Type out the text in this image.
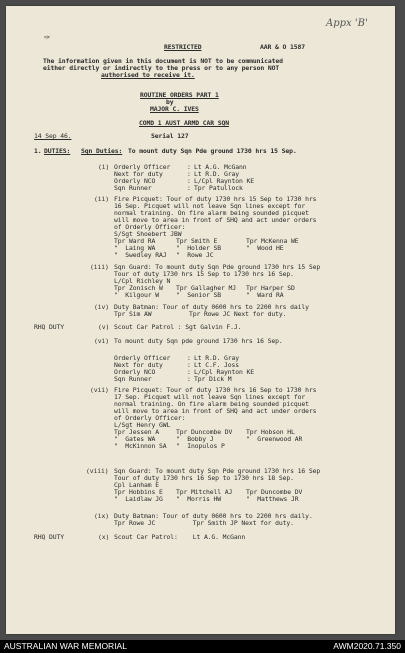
Appx 'B'
✑
RESTRICTED	AAR & O 1587
The information given in this document is NOT to be communicated
either directly or indirectly to the press or to any person NOT
authorised to receive it.
ROUTINE ORDERS PART 1
by
MAJOR C. IVES
COMD 1 AUST ARMD CAR SQN
14 Sep 46.	Serial 127
1. DUTIES: Sqn Duties: To mount duty Sqn Pde ground 1730 hrs 15 Sep.
(i) Orderly Officer	: Lt A.G. McGann
Next for duty	: Lt R.D. Gray
Orderly NCO	: L/Cpl Raynton KE
Sqn Runner	: Tpr Patullock
(ii) Fire Picquet: Tour of duty 1730 hrs 15 Sep to 1730 hrs
16 Sep. Picquet will not leave Sqn lines except for
normal training. On fire alarm being sounded picquet
will move to area in front of SHQ and act under orders
of Orderly Officer:
S/Sgt Shoebert JBW
Tpr Ward RA	Tpr Smith E	Tpr McKenna WE
"  Laing WA	"  Holder SB	"  Wood HE
"  Swedley RAJ "  Rowe JC
(iii) Sqn Guard: To mount duty Sqn Pde ground 1730 hrs 15 Sep
Tour of duty 1730 hrs 15 Sep to 1730 hrs 16 Sep.
L/Cpl Richley N
Tpr Zonisch W Tpr Gallagher MJ Tpr Harper SD
"  Kilgour W	"  Senior SB	"  Ward RA
(iv) Duty Batman: Tour of duty 0600 hrs to 2200 hrs daily
Tpr Sim AW          Tpr Rowe JC Next for duty.
RHQ DUTY	(v) Scout Car Patrol : Sgt Galvin F.J.
(vi) To mount duty Sqn pde ground 1730 hrs 16 Sep.
Orderly Officer	: Lt R.D. Gray
Next for duty	: Lt C.F. Joss
Orderly NCO	: L/Cpl Raynton KE
Sqn Runner	: Tpr Dick M
(vii) Fire Picquet: Tour of duty 1730 hrs 16 Sep to 1730 hrs
17 Sep. Picquet will not leave Sqn lines except for
normal training. On fire alarm being sounded picquet
will move to area in front of SHQ and act under orders
of Orderly Officer:
L/Sgt Henry GWL
Tpr Jessen A	Tpr Duncombe DV Tpr Hobson HL
"  Gates WA	"  Bobby J	"  Greenwood AR
"  McKinnon SA "  Inopulos P
(viii) Sqn Guard: To mount duty Sqn Pde ground 1730 hrs 16 Sep
Tour of duty 1730 hrs 16 Sep to 1730 hrs 18 Sep.
Cpl Lanham E
Tpr Hobbins E Tpr Mitchell AJ Tpr Duncombe DV
"  Laidlaw JG "  Morris HW	"  Matthews JR
(ix) Duty Batman: Tour of duty 0600 hrs to 2200 hrs daily.
Tpr Rowe JC          Tpr Smith JP Next for duty.
RHQ DUTY	(x) Scout Car Patrol:    Lt A.G. McGann
AUSTRALIAN WAR MEMORIAL	AWM2020.71.350
